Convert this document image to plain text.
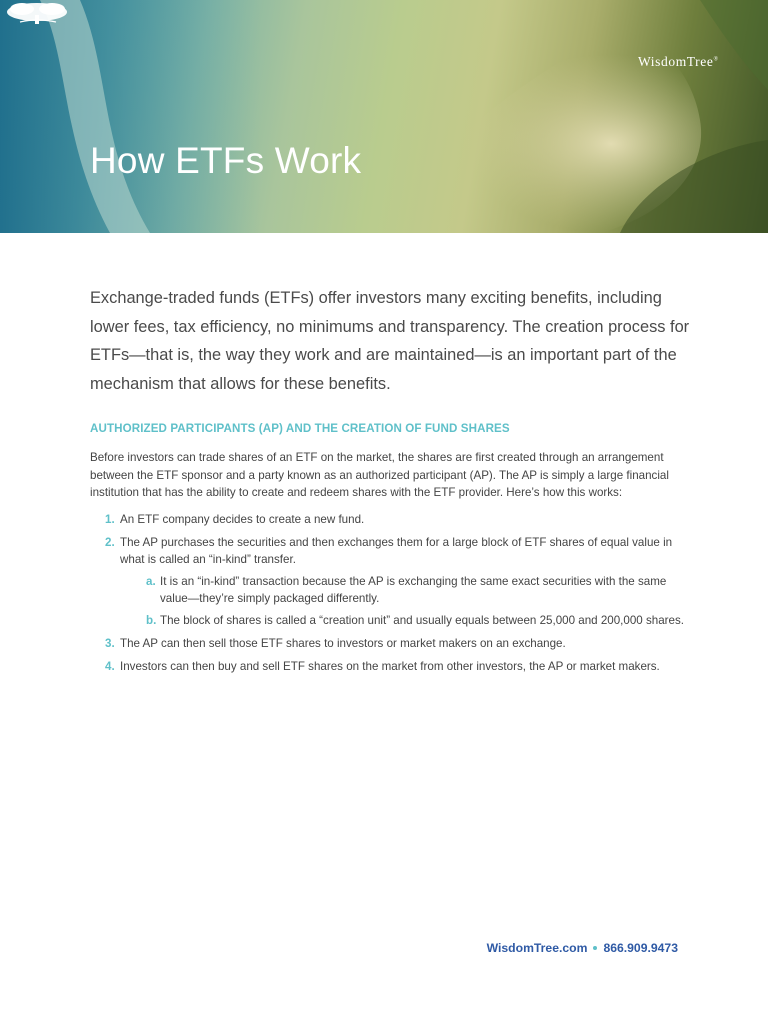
How ETFs Work
WisdomTree®

Exchange-traded funds (ETFs) offer investors many exciting benefits, including lower fees, tax efficiency, no minimums and transparency. The creation process for ETFs—that is, the way they work and are maintained—is an important part of the mechanism that allows for these benefits.

AUTHORIZED PARTICIPANTS (AP) AND THE CREATION OF FUND SHARES

Before investors can trade shares of an ETF on the market, the shares are first created through an arrangement between the ETF sponsor and a party known as an authorized participant (AP). The AP is simply a large financial institution that has the ability to create and redeem shares with the ETF provider. Here’s how this works:

1. An ETF company decides to create a new fund.
2. The AP purchases the securities and then exchanges them for a large block of ETF shares of equal value in what is called an “in-kind” transfer.
a. It is an “in-kind” transaction because the AP is exchanging the same exact securities with the same value—they’re simply packaged differently.
b. The block of shares is called a “creation unit” and usually equals between 25,000 and 200,000 shares.
3. The AP can then sell those ETF shares to investors or market makers on an exchange.
4. Investors can then buy and sell ETF shares on the market from other investors, the AP or market makers.
WisdomTree.com 866.909.9473
